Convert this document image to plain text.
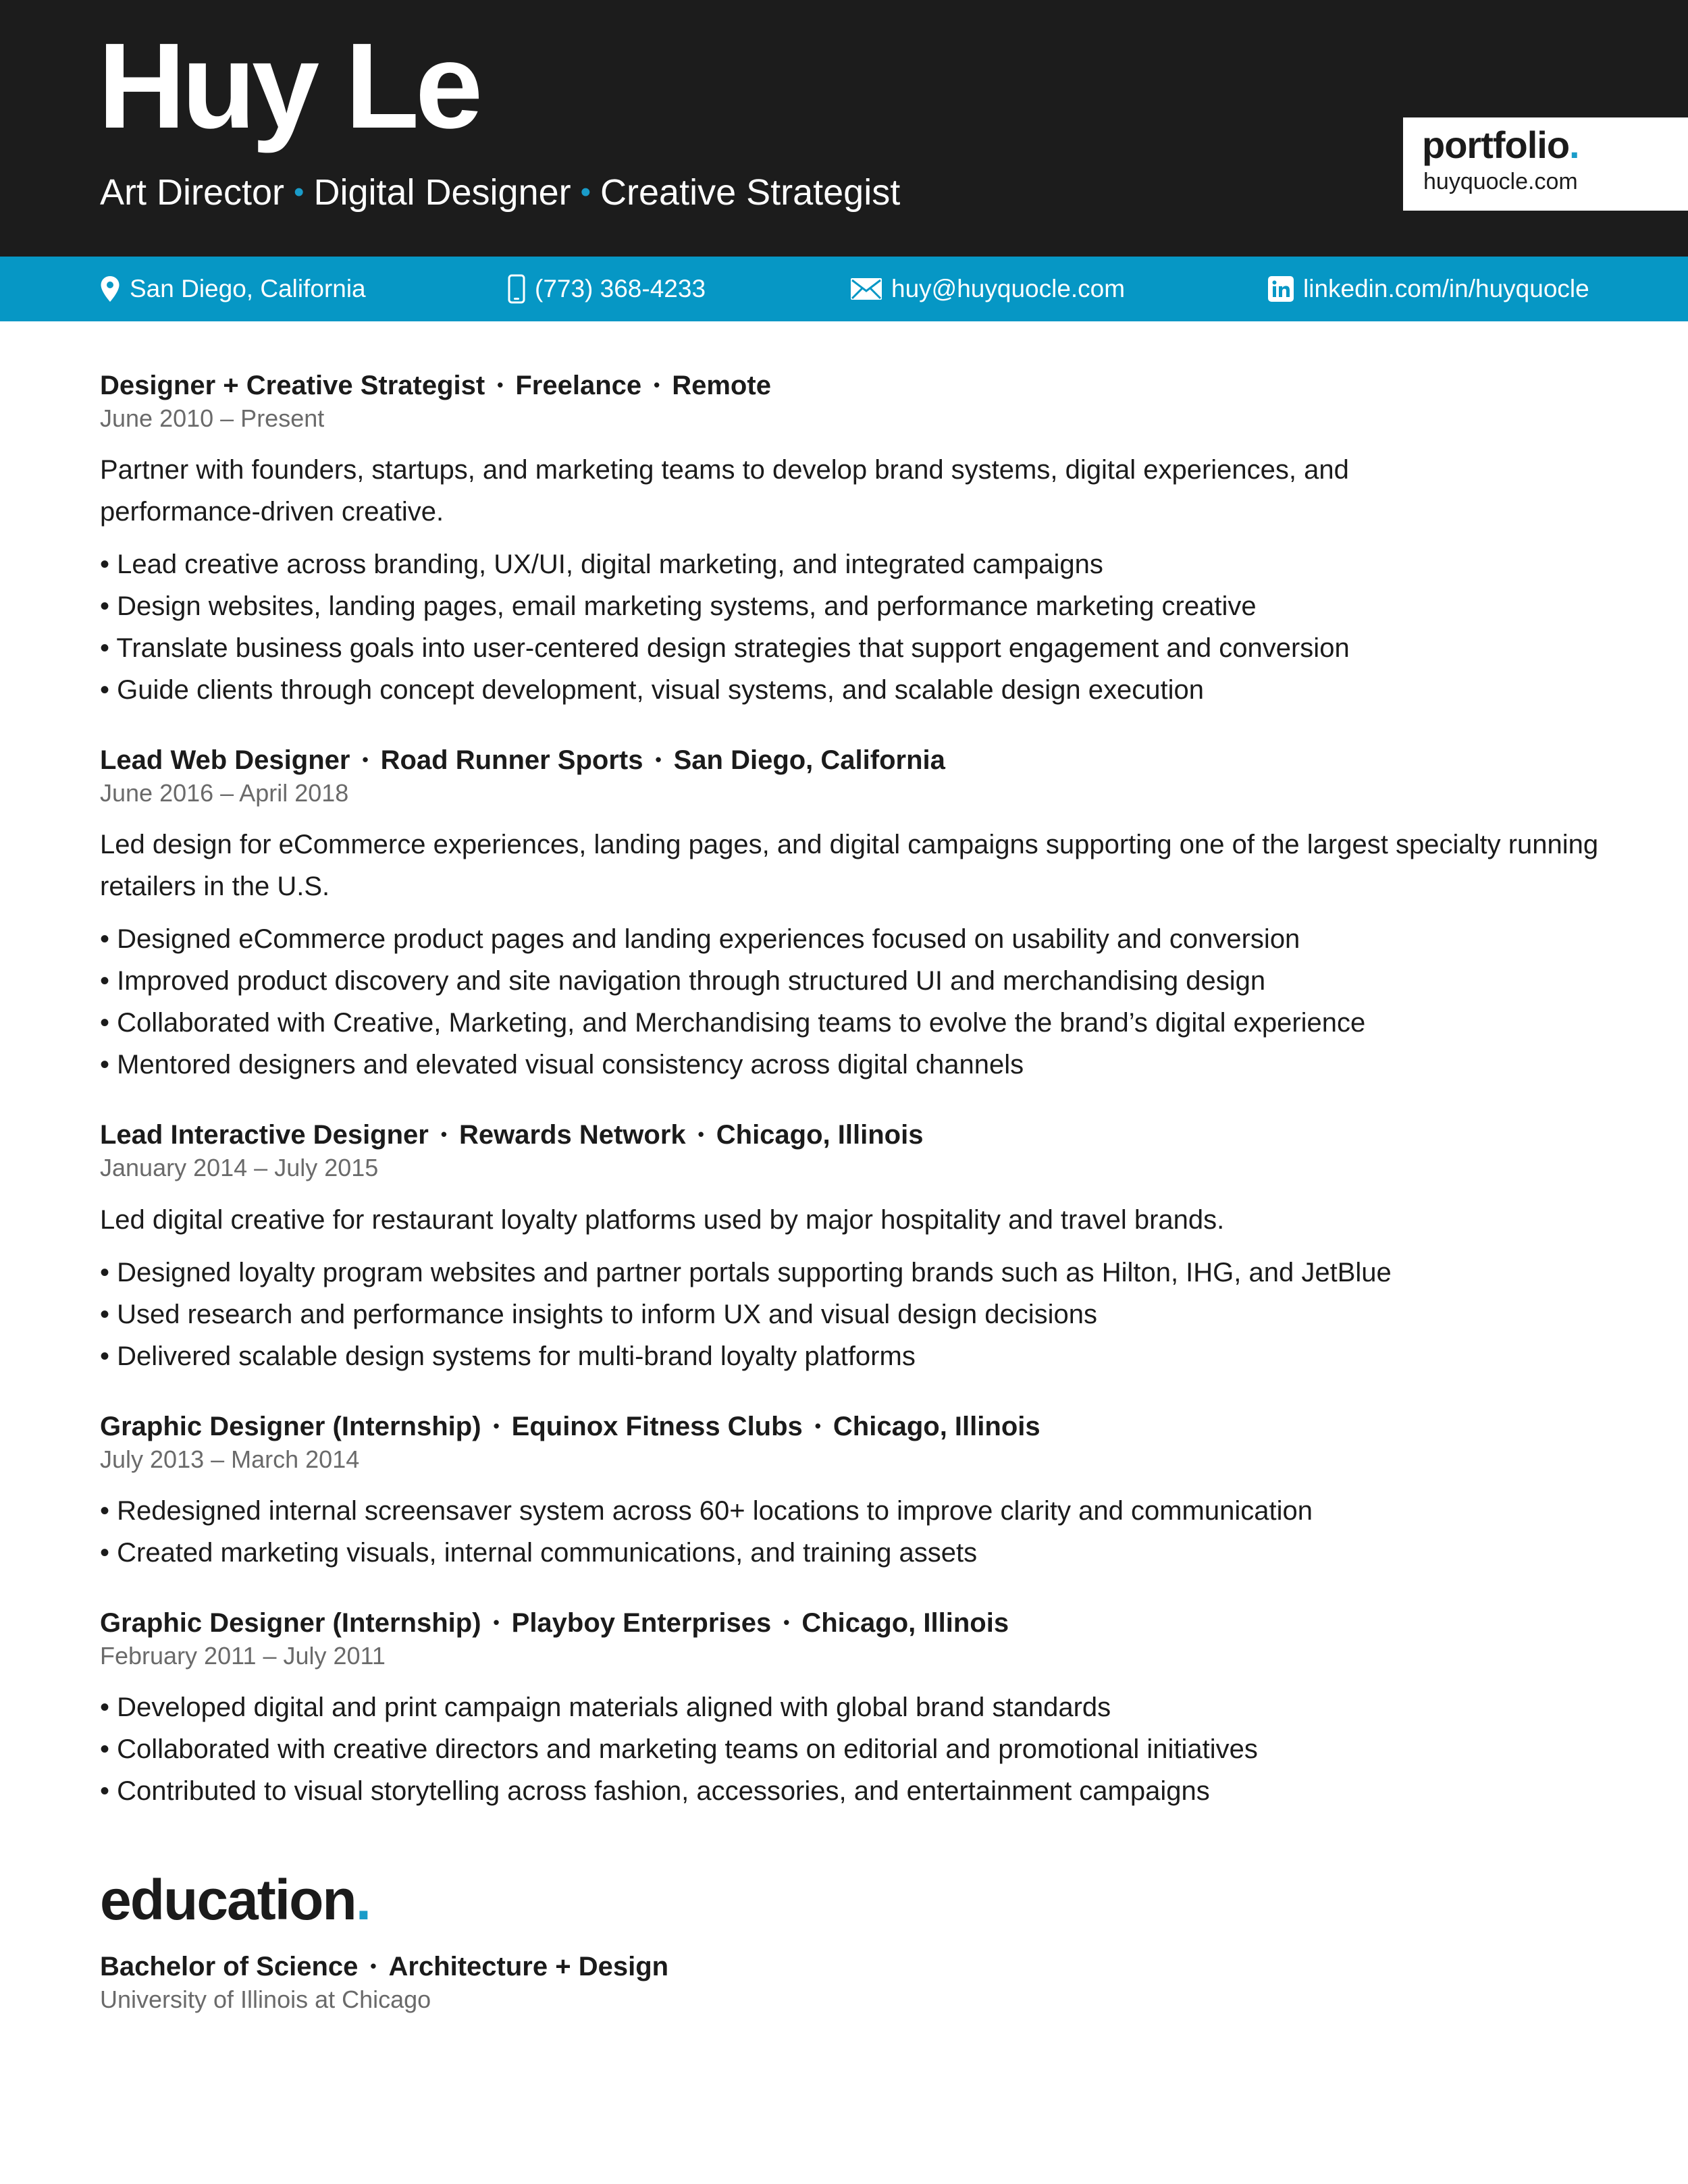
Huy Le
Art Director • Digital Designer • Creative Strategist
portfolio.
huyquocle.com
San Diego, California	(773) 368-4233	huy@huyquocle.com	linkedin.com/in/huyquocle
Designer + Creative Strategist • Freelance • Remote
June 2010 – Present
Partner with founders, startups, and marketing teams to develop brand systems, digital experiences, and performance-driven creative.
• Lead creative across branding, UX/UI, digital marketing, and integrated campaigns
• Design websites, landing pages, email marketing systems, and performance marketing creative
• Translate business goals into user-centered design strategies that support engagement and conversion
• Guide clients through concept development, visual systems, and scalable design execution
Lead Web Designer • Road Runner Sports • San Diego, California
June 2016 – April 2018
Led design for eCommerce experiences, landing pages, and digital campaigns supporting one of the largest specialty running retailers in the U.S.
• Designed eCommerce product pages and landing experiences focused on usability and conversion
• Improved product discovery and site navigation through structured UI and merchandising design
• Collaborated with Creative, Marketing, and Merchandising teams to evolve the brand’s digital experience
• Mentored designers and elevated visual consistency across digital channels
Lead Interactive Designer • Rewards Network • Chicago, Illinois
January 2014 – July 2015
Led digital creative for restaurant loyalty platforms used by major hospitality and travel brands.
• Designed loyalty program websites and partner portals supporting brands such as Hilton, IHG, and JetBlue
• Used research and performance insights to inform UX and visual design decisions
• Delivered scalable design systems for multi-brand loyalty platforms
Graphic Designer (Internship) • Equinox Fitness Clubs • Chicago, Illinois
July 2013 – March 2014
• Redesigned internal screensaver system across 60+ locations to improve clarity and communication
• Created marketing visuals, internal communications, and training assets
Graphic Designer (Internship) • Playboy Enterprises • Chicago, Illinois
February 2011 – July 2011
• Developed digital and print campaign materials aligned with global brand standards
• Collaborated with creative directors and marketing teams on editorial and promotional initiatives
• Contributed to visual storytelling across fashion, accessories, and entertainment campaigns
education.
Bachelor of Science • Architecture + Design
University of Illinois at Chicago
